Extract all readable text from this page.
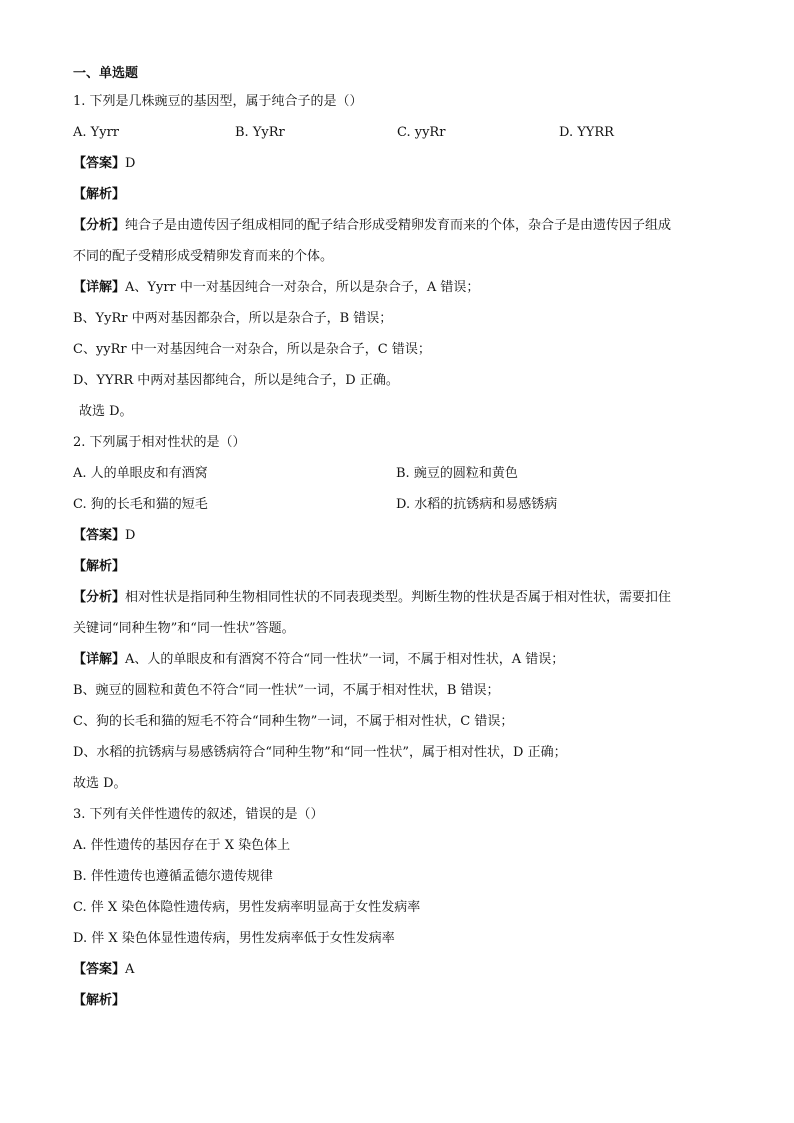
一、单选题
1. 下列是几株豌豆的基因型，属于纯合子的是（）
A. Yyrr	B. YyRr	C. yyRr	D. YYRR
【答案】D
【解析】
【分析】纯合子是由遗传因子组成相同的配子结合形成受精卵发育而来的个体，杂合子是由遗传因子组成
不同的配子受精形成受精卵发育而来的个体。
【详解】A、Yyrr 中一对基因纯合一对杂合，所以是杂合子，A 错误；
B、YyRr 中两对基因都杂合，所以是杂合子，B 错误；
C、yyRr 中一对基因纯合一对杂合，所以是杂合子，C 错误；
D、YYRR 中两对基因都纯合，所以是纯合子，D 正确。
故选 D。
2. 下列属于相对性状的是（）
A. 人的单眼皮和有酒窝	B. 豌豆的圆粒和黄色
C. 狗的长毛和猫的短毛	D. 水稻的抗锈病和易感锈病
【答案】D
【解析】
【分析】相对性状是指同种生物相同性状的不同表现类型。判断生物的性状是否属于相对性状，需要扣住
关键词“同种生物”和“同一性状”答题。
【详解】A、人的单眼皮和有酒窝不符合“同一性状”一词，不属于相对性状，A 错误；
B、豌豆的圆粒和黄色不符合“同一性状”一词，不属于相对性状，B 错误；
C、狗的长毛和猫的短毛不符合“同种生物”一词，不属于相对性状，C 错误；
D、水稻的抗锈病与易感锈病符合“同种生物”和“同一性状”，属于相对性状，D 正确；
故选 D。
3. 下列有关伴性遗传的叙述，错误的是（）
A. 伴性遗传的基因存在于 X 染色体上
B. 伴性遗传也遵循孟德尔遗传规律
C. 伴 X 染色体隐性遗传病，男性发病率明显高于女性发病率
D. 伴 X 染色体显性遗传病，男性发病率低于女性发病率
【答案】A
【解析】
